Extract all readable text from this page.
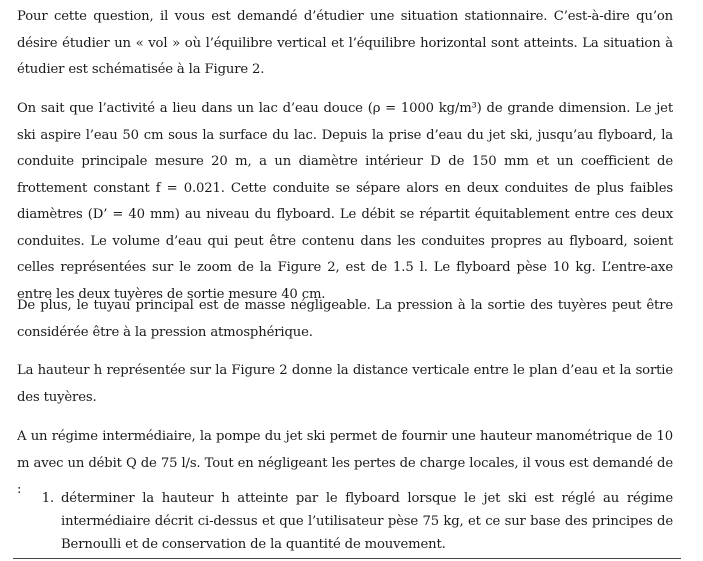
Pour cette question, il vous est demandé d’étudier une situation stationnaire. C’est-à-dire qu’on désire étudier un « vol » où l’équilibre vertical et l’équilibre horizontal sont atteints. La situation à étudier est schématisée à la Figure 2.

On sait que l’activité a lieu dans un lac d’eau douce (ρ = 1000 kg/m³) de grande dimension. Le jet ski aspire l’eau 50 cm sous la surface du lac. Depuis la prise d’eau du jet ski, jusqu’au flyboard, la conduite principale mesure 20 m, a un diamètre intérieur D de 150 mm et un coefficient de frottement constant f = 0.021. Cette conduite se sépare alors en deux conduites de plus faibles diamètres (D’ = 40 mm) au niveau du flyboard. Le débit se répartit équitablement entre ces deux conduites. Le volume d’eau qui peut être contenu dans les conduites propres au flyboard, soient celles représentées sur le zoom de la Figure 2, est de 1.5 l. Le flyboard pèse 10 kg. L’entre-axe entre les deux tuyères de sortie mesure 40 cm.

De plus, le tuyau principal est de masse négligeable. La pression à la sortie des tuyères peut être considérée être à la pression atmosphérique.

La hauteur h représentée sur la Figure 2 donne la distance verticale entre le plan d’eau et la sortie des tuyères.

A un régime intermédiaire, la pompe du jet ski permet de fournir une hauteur manométrique de 10 m avec un débit Q de 75 l/s. Tout en négligeant les pertes de charge locales, il vous est demandé de :

1. déterminer la hauteur h atteinte par le flyboard lorsque le jet ski est réglé au régime intermédiaire décrit ci-dessus et que l’utilisateur pèse 75 kg, et ce sur base des principes de Bernoulli et de conservation de la quantité de mouvement.
